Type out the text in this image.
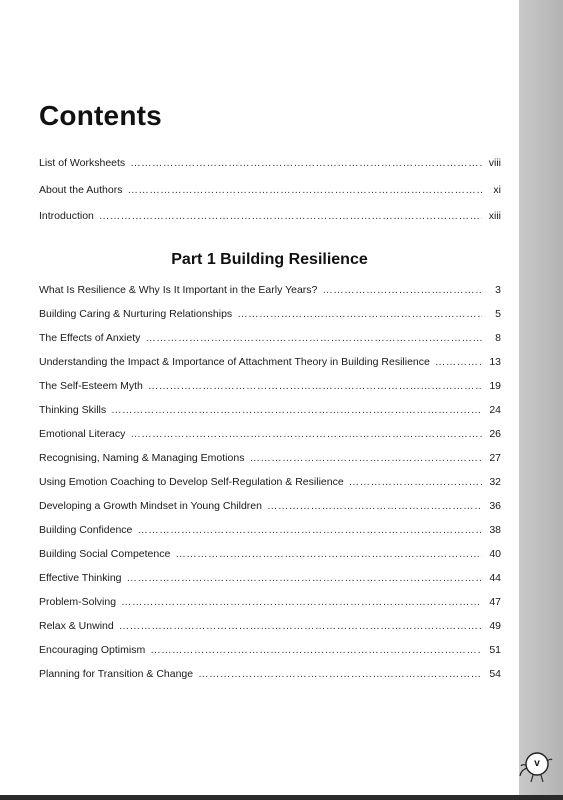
Contents
List of Worksheets ………………………………………………………………………………………………………………………………………………………………………………	viii
About the Authors ………………………………………………………………………………………………………………………………………………………………………………	xi
Introduction ………………………………………………………………………………………………………………………………………………………………………………	xiii
Part 1 Building Resilience
What Is Resilience & Why Is It Important in the Early Years? ………………………………………………………………………………………………………………………………………………………………………………	3
Building Caring & Nurturing Relationships ………………………………………………………………………………………………………………………………………………………………………………	5
The Effects of Anxiety ………………………………………………………………………………………………………………………………………………………………………………	8
Understanding the Impact & Importance of Attachment Theory in Building Resilience ………………………………………………………………………………………………………………………………………………………………………………	13
The Self-Esteem Myth ………………………………………………………………………………………………………………………………………………………………………………	19
Thinking Skills ………………………………………………………………………………………………………………………………………………………………………………	24
Emotional Literacy ………………………………………………………………………………………………………………………………………………………………………………	26
Recognising, Naming & Managing Emotions ………………………………………………………………………………………………………………………………………………………………………………	27
Using Emotion Coaching to Develop Self-Regulation & Resilience ………………………………………………………………………………………………………………………………………………………………………………	32
Developing a Growth Mindset in Young Children ………………………………………………………………………………………………………………………………………………………………………………	36
Building Confidence ………………………………………………………………………………………………………………………………………………………………………………	38
Building Social Competence ………………………………………………………………………………………………………………………………………………………………………………	40
Effective Thinking ………………………………………………………………………………………………………………………………………………………………………………	44
Problem-Solving ………………………………………………………………………………………………………………………………………………………………………………	47
Relax & Unwind ………………………………………………………………………………………………………………………………………………………………………………	49
Encouraging Optimism ………………………………………………………………………………………………………………………………………………………………………………	51
Planning for Transition & Change ………………………………………………………………………………………………………………………………………………………………………………	54
v
